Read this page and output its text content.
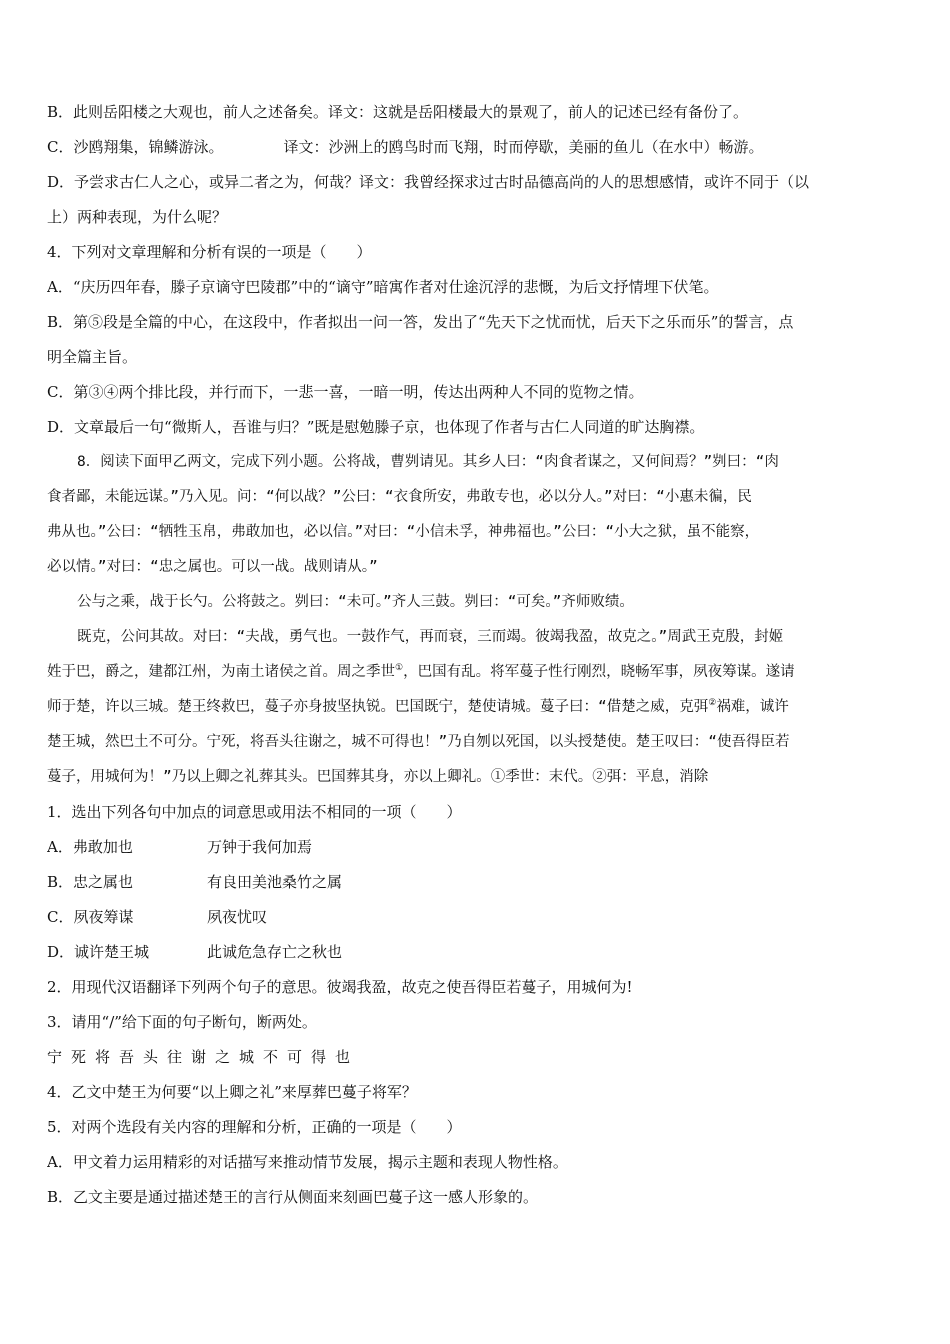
B．此则岳阳楼之大观也，前人之述备矣。译文：这就是岳阳楼最大的景观了，前人的记述已经有备份了。
C．沙鸥翔集，锦鳞游泳。	译文：沙洲上的鸥鸟时而飞翔，时而停歇，美丽的鱼儿（在水中）畅游。
D．予尝求古仁人之心，或异二者之为，何哉？译文：我曾经探求过古时品德高尚的人的思想感情，或许不同于（以
上）两种表现，为什么呢？
4．下列对文章理解和分析有误的一项是（　　）
A．“庆历四年春，滕子京谪守巴陵郡”中的“谪守”暗寓作者对仕途沉浮的悲慨，为后文抒情埋下伏笔。
B．第⑤段是全篇的中心，在这段中，作者拟出一问一答，发出了“先天下之忧而忧，后天下之乐而乐”的誓言，点
明全篇主旨。
C．第③④两个排比段，并行而下，一悲一喜，一暗一明，传达出两种人不同的览物之情。
D．文章最后一句“微斯人，吾谁与归？”既是慰勉滕子京，也体现了作者与古仁人同道的旷达胸襟。
8．阅读下面甲乙两文，完成下列小题。公将战，曹刿请见。其乡人曰：“肉食者谋之，又何间焉？”刿曰：“肉
食者鄙，未能远谋。”乃入见。问：“何以战？”公曰：“衣食所安，弗敢专也，必以分人。”对曰：“小惠未徧，民
弗从也。”公曰：“牺牲玉帛，弗敢加也，必以信。”对曰：“小信未孚，神弗福也。”公曰：“小大之狱，虽不能察，
必以情。”对曰：“忠之属也。可以一战。战则请从。”
公与之乘，战于长勺。公将鼓之。刿曰：“未可。”齐人三鼓。刿曰：“可矣。”齐师败绩。
既克，公问其故。对曰：“夫战，勇气也。一鼓作气，再而衰，三而竭。彼竭我盈，故克之。”周武王克殷，封姬
姓于巴，爵之，建都江州，为南土诸侯之首。周之季世①，巴国有乱。将军蔓子性行刚烈，晓畅军事，夙夜筹谋。遂请
师于楚，许以三城。楚王终救巴，蔓子亦身披坚执锐。巴国既宁，楚使请城。蔓子曰：“借楚之威，克弭②祸难，诚许
楚王城，然巴土不可分。宁死，将吾头往谢之，城不可得也！”乃自刎以死国，以头授楚使。楚王叹曰：“使吾得臣若
蔓子，用城何为！”乃以上卿之礼葬其头。巴国葬其身，亦以上卿礼。①季世：末代。②弭：平息，消除
1．选出下列各句中加点的词意思或用法不相同的一项（　　）
A．弗敢加也	万钟于我何加焉
B．忠之属也	有良田美池桑竹之属
C．夙夜筹谋	夙夜忧叹
D．诚许楚王城	此诚危急存亡之秋也
2．用现代汉语翻译下列两个句子的意思。彼竭我盈，故克之使吾得臣若蔓子，用城何为!
3．请用“/”给下面的句子断句，断两处。
宁死将吾头往谢之城不可得也
4．乙文中楚王为何要“以上卿之礼”来厚葬巴蔓子将军？
5．对两个选段有关内容的理解和分析，正确的一项是（　　）
A．甲文着力运用精彩的对话描写来推动情节发展，揭示主题和表现人物性格。
B．乙文主要是通过描述楚王的言行从侧面来刻画巴蔓子这一感人形象的。
